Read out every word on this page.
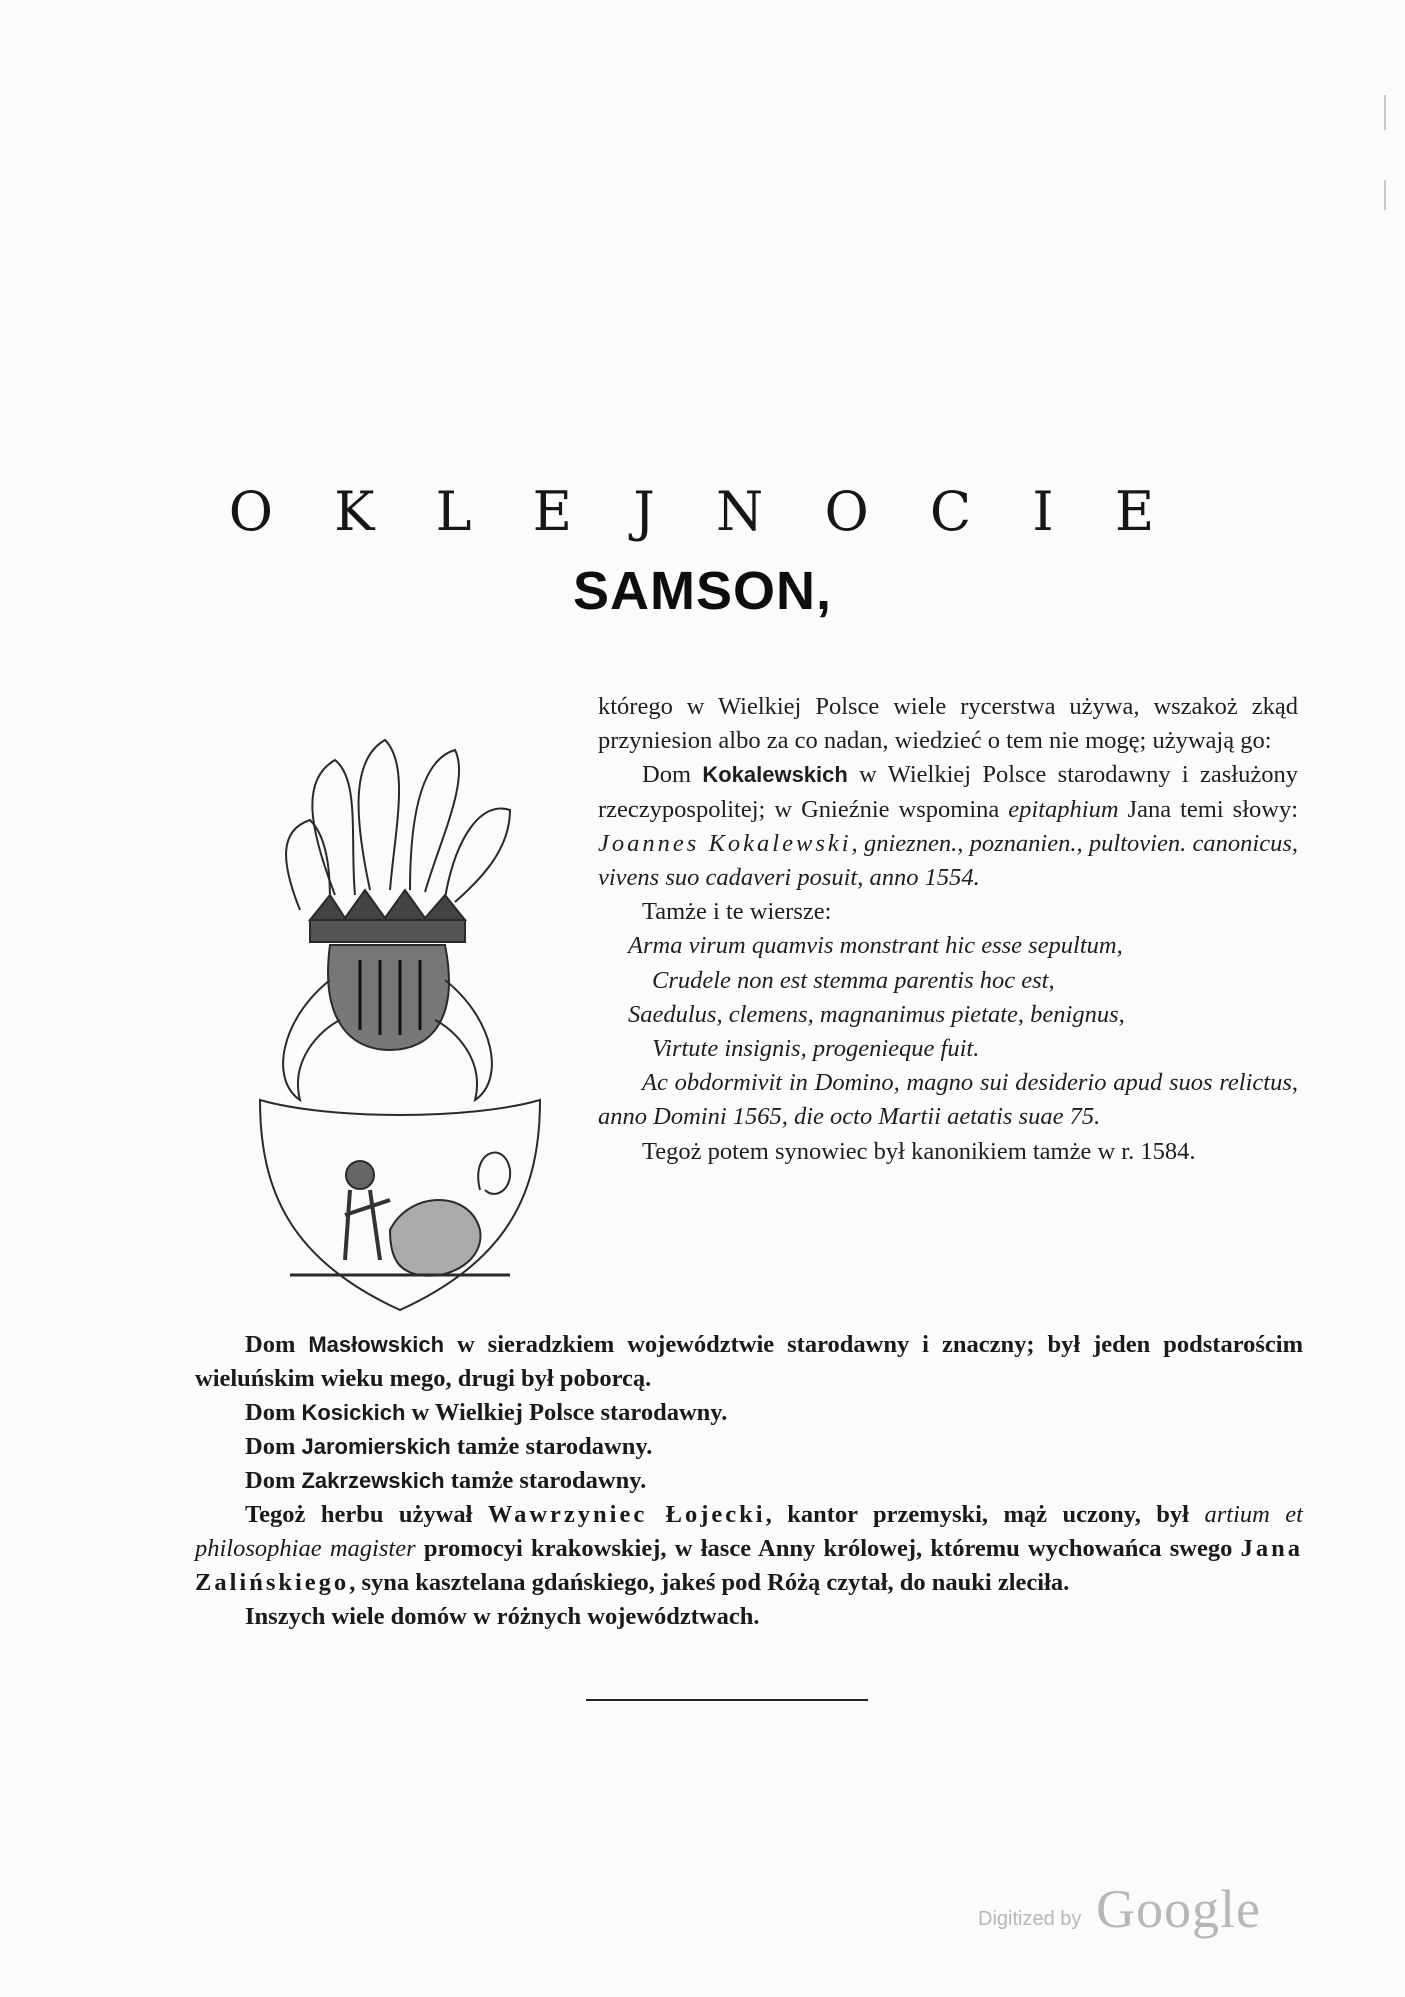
O K L E J N O C I E
SAMSON,

którego w Wielkiej Polsce wiele rycerstwa używa, wszakoż zkąd przyniesion albo za co nadan, wiedzieć o tem nie mogę; używają go:

Dom Kokalewskich w Wielkiej Polsce starodawny i zasłużony rzeczypospolitej; w Gnieźnie wspomina epitaphium Jana temi słowy: Joannes Kokalewski, gnieznen., poznanien., pultovien. canonicus, vivens suo cadaveri posuit, anno 1554.

Tamże i te wiersze:

Arma virum quamvis monstrant hic esse sepultum,
Crudele non est stemma parentis hoc est,
Saedulus, clemens, magnanimus pietate, benignus,
Virtute insignis, progenieque fuit.

Ac obdormivit in Domino, magno sui desiderio apud suos relictus, anno Domini 1565, die octo Martii aetatis suae 75.

Tegoż potem synowiec był kanonikiem tamże w r. 1584.

Dom Masłowskich w sieradzkiem województwie starodawny i znaczny; był jeden podstarościm wieluńskim wieku mego, drugi był poborcą.

Dom Kosickich w Wielkiej Polsce starodawny.

Dom Jaromierskich tamże starodawny.

Dom Zakrzewskich tamże starodawny.

Tegoż herbu używał Wawrzyniec Łojecki, kantor przemyski, mąż uczony, był artium et philosophiae magister promocyi krakowskiej, w łasce Anny królowej, któremu wychowańca swego Jana Zalińskiego, syna kasztelana gdańskiego, jakeś pod Różą czytał, do nauki zleciła.

Inszych wiele domów w różnych województwach.

Digitized by Google
